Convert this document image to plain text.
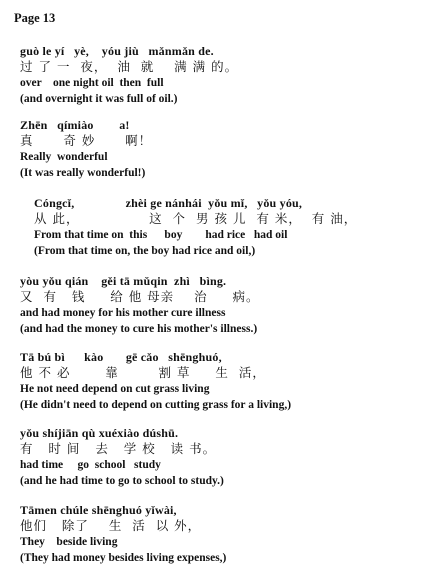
Page 13
guò le yí   yè,    yóu jiù   mǎnmǎn de.
过 了 一  夜，  油  就    满 满 的。
over    one night oil  then  full
(and overnight it was full of oil.)
Zhēn   qímiào        a!
真      奇 妙      啊！
Really  wonderful
(It was really wonderful!)
Cóngcǐ,                zhèi ge nánhái  yǒu mǐ,   yǒu yóu,
从 此，              这  个  男 孩 儿  有 米，  有 油，
From that time on  this      boy        had rice   had oil
(From that time on, the boy had rice and oil,)
yòu yǒu qián    gěi tā mǔqin  zhì   bìng.
又  有   钱     给 他 母亲    治     病。
and had money for his mother cure illness
(and had the money to cure his mother's illness.)
Tā bú bì      kào       gē cǎo   shēnghuó,
他 不 必       靠        割 草     生  活，
He not need depend on cut grass living
(He didn't need to depend on cutting grass for a living,)
yǒu shíjiān qù xuéxiào dúshū.
有   时 间   去   学 校   读 书。
had time     go  school   study
(and he had time to go to school to study.)
Tāmen chúle shēnghuó yǐwài,
他们   除了    生  活  以 外，
They    beside living
(They had money besides living expenses,)
